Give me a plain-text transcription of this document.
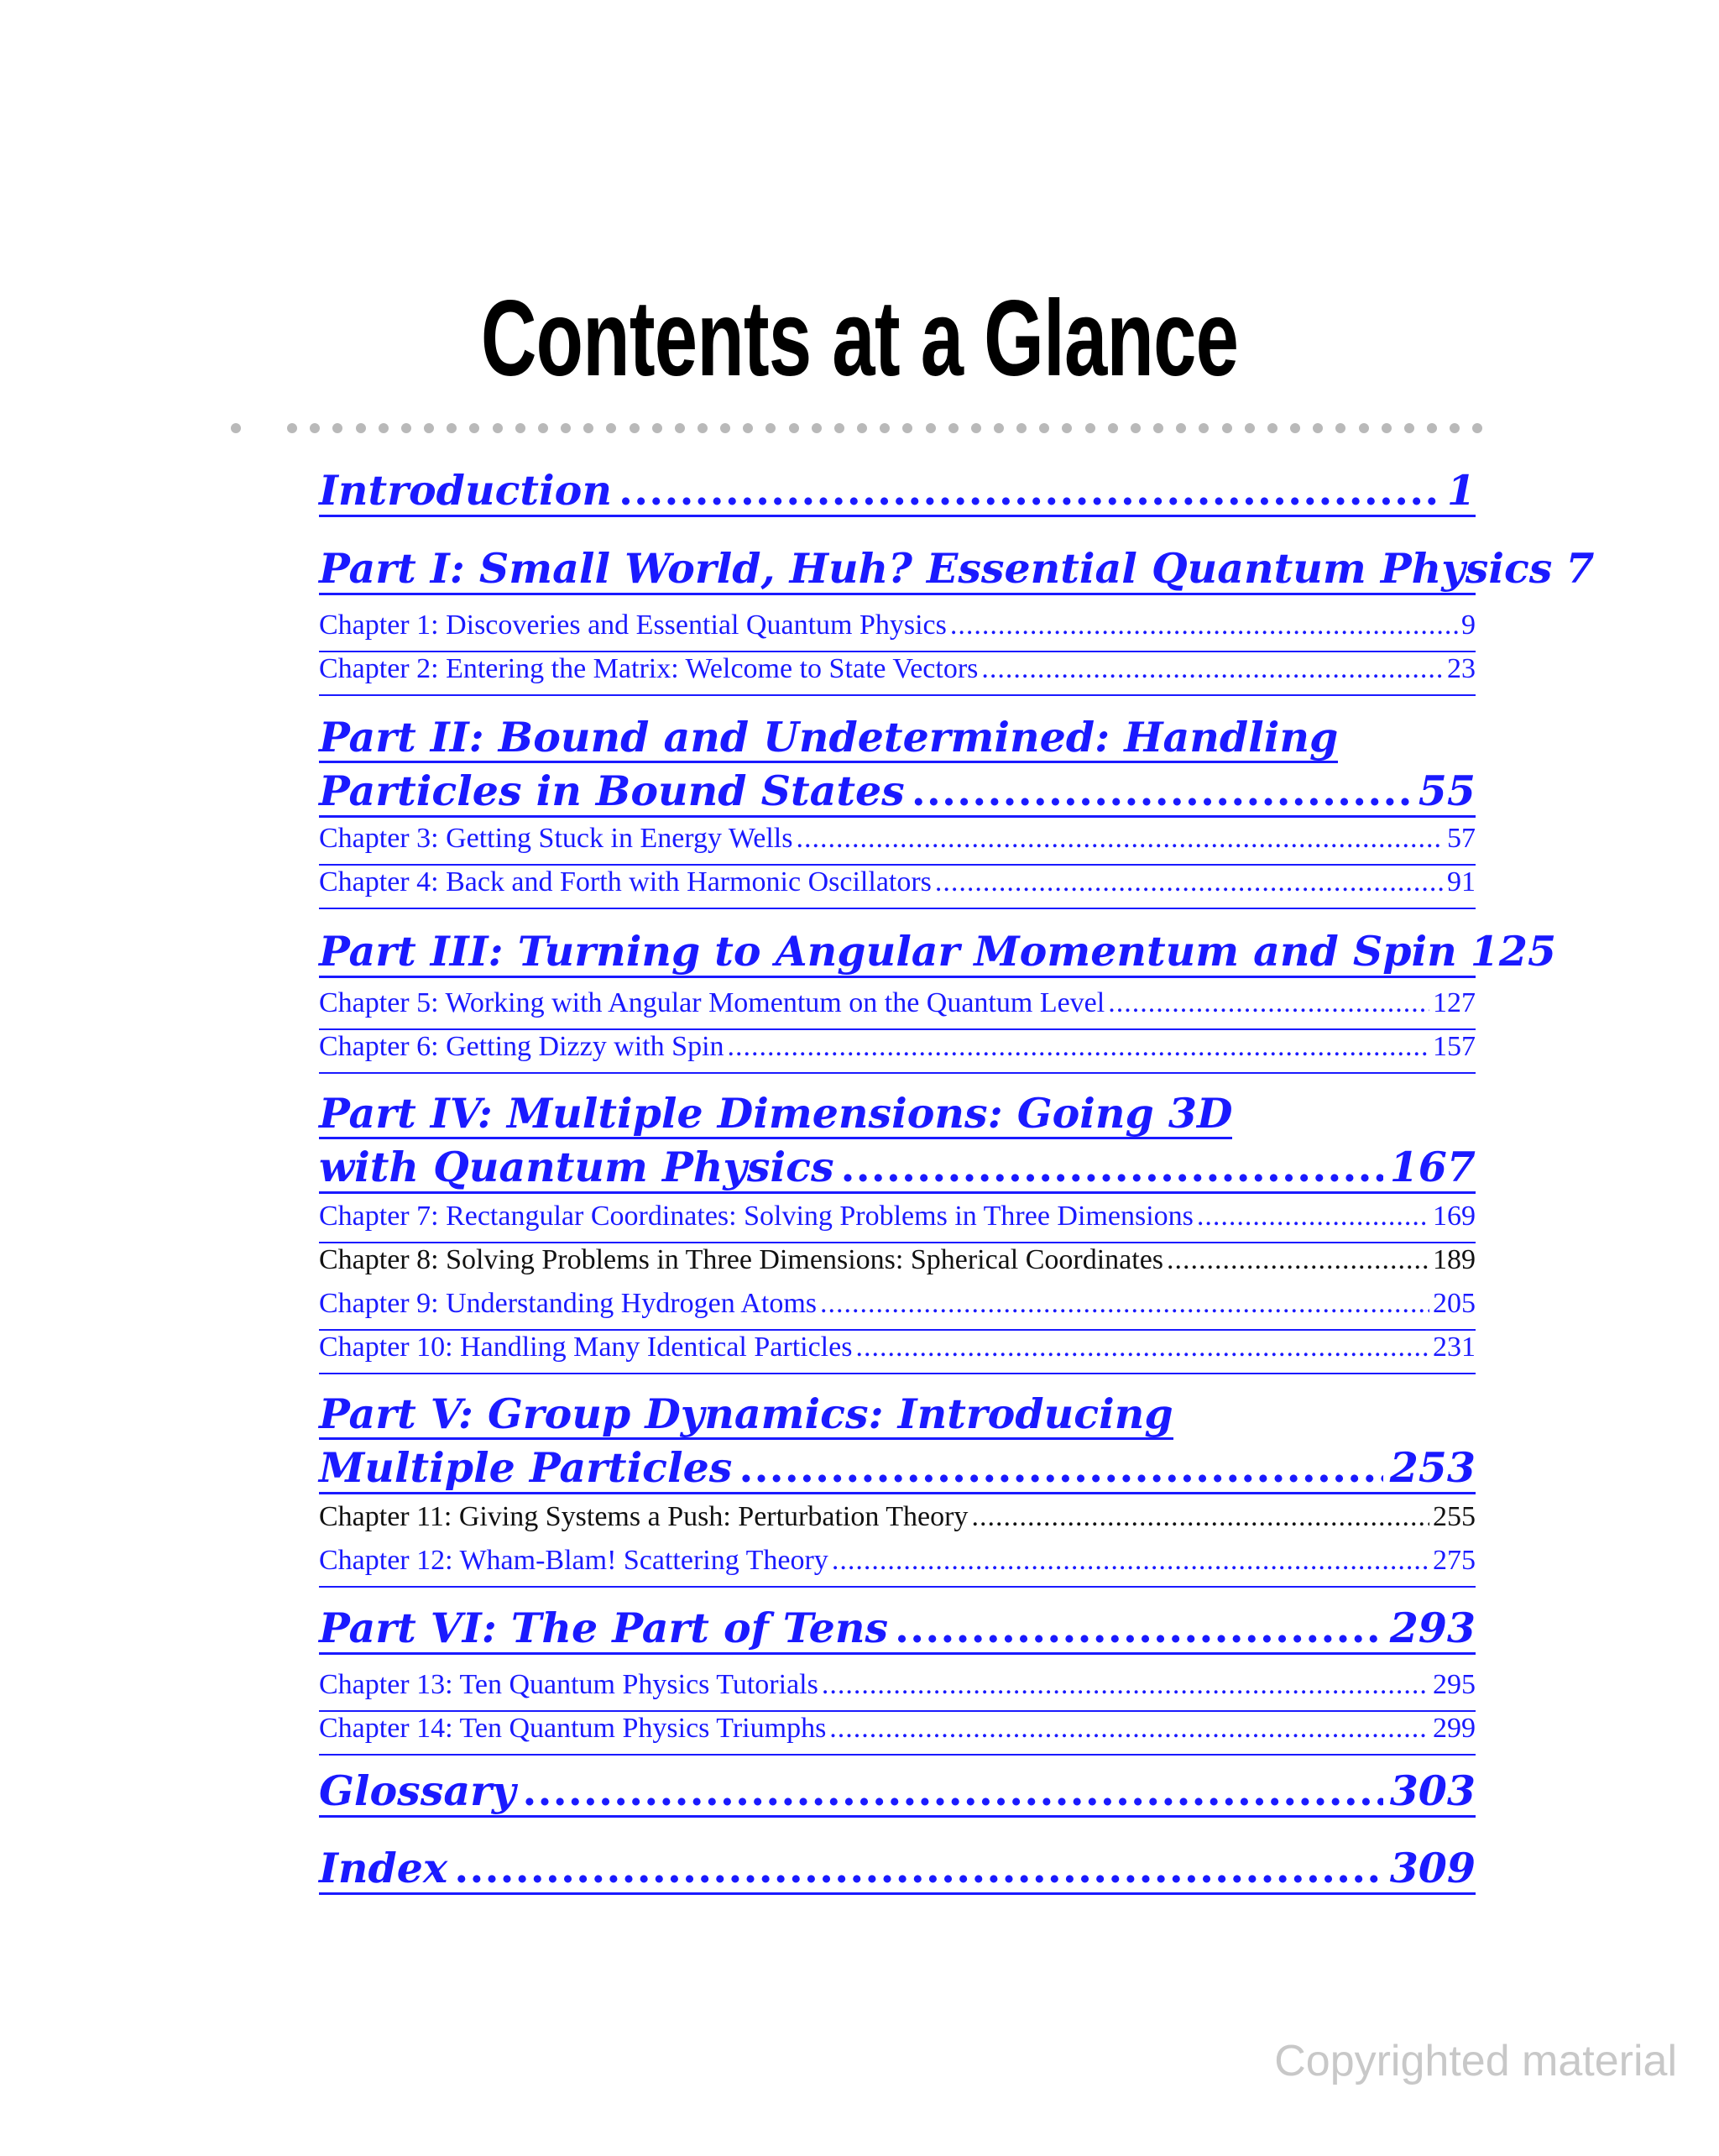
Contents at a Glance
Introduction . . .	1
Part I: Small World, Huh? Essential Quantum Physics 7
Chapter 1: Discoveries and Essential Quantum Physics .....	9
Chapter 2: Entering the Matrix: Welcome to State Vectors .....	23
Part II: Bound and Undetermined: Handling
Particles in Bound States . . .	55
Chapter 3: Getting Stuck in Energy Wells .....	57
Chapter 4: Back and Forth with Harmonic Oscillators .....	91
Part III: Turning to Angular Momentum and Spin 125
Chapter 5: Working with Angular Momentum on the Quantum Level .....	127
Chapter 6: Getting Dizzy with Spin .....	157
Part IV: Multiple Dimensions: Going 3D
with Quantum Physics . . .	167
Chapter 7: Rectangular Coordinates: Solving Problems in Three Dimensions .....	169
Chapter 8: Solving Problems in Three Dimensions: Spherical Coordinates .....	189
Chapter 9: Understanding Hydrogen Atoms .....	205
Chapter 10: Handling Many Identical Particles .....	231
Part V: Group Dynamics: Introducing
Multiple Particles . . .	253
Chapter 11: Giving Systems a Push: Perturbation Theory .....	255
Chapter 12: Wham-Blam! Scattering Theory .....	275
Part VI: The Part of Tens . . .	293
Chapter 13: Ten Quantum Physics Tutorials .....	295
Chapter 14: Ten Quantum Physics Triumphs .....	299
Glossary . . .	303
Index . . .	309
Copyrighted material
